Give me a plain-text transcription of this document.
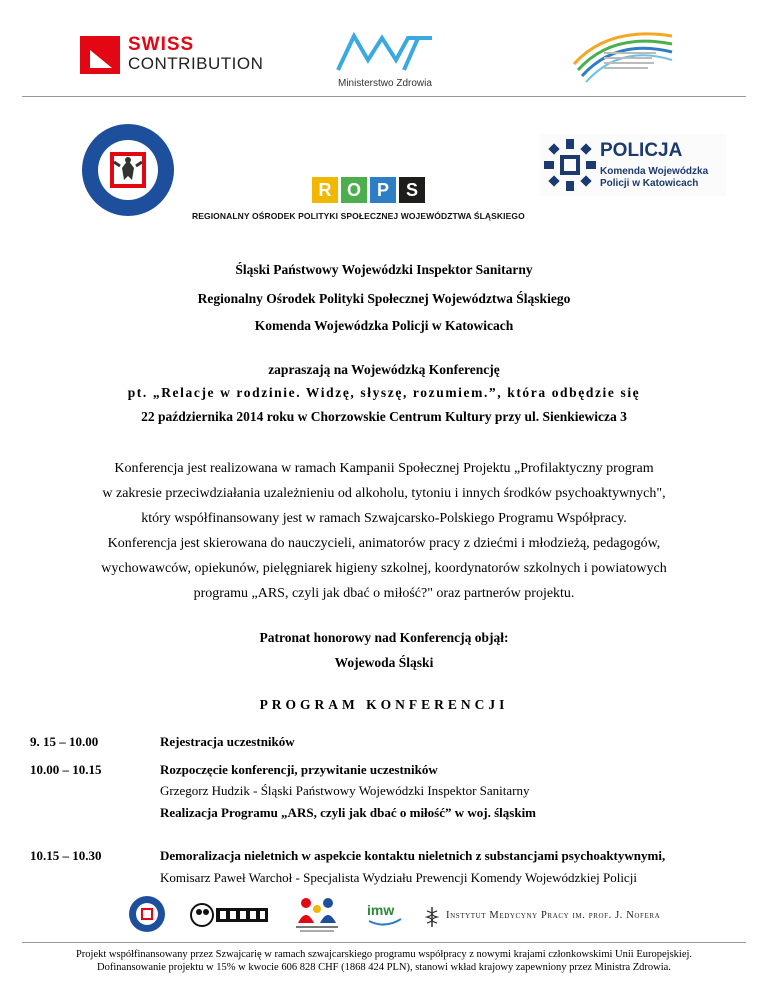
SWISS
CONTRIBUTION
Ministerstwo Zdrowia
R O P S
REGIONALNY OŚRODEK POLITYKI SPOŁECZNEJ WOJEWÓDZTWA ŚLĄSKIEGO
POLICJA
Komenda Wojewódzka
Policji w Katowicach
Śląski Państwowy Wojewódzki Inspektor Sanitarny
Regionalny Ośrodek Polityki Społecznej Województwa Śląskiego
Komenda Wojewódzka Policji w Katowicach
zapraszają na Wojewódzką Konferencję
pt. „Relacje w rodzinie. Widzę, słyszę, rozumiem.”, która odbędzie się
22 października 2014 roku w Chorzowskie Centrum Kultury przy ul. Sienkiewicza 3
Konferencja jest realizowana w ramach Kampanii Społecznej Projektu „Profilaktyczny program
w zakresie przeciwdziałania uzależnieniu od alkoholu, tytoniu i innych środków psychoaktywnych",
który współfinansowany jest w ramach Szwajcarsko-Polskiego Programu Współpracy.
Konferencja jest skierowana do nauczycieli, animatorów pracy z dziećmi i młodzieżą, pedagogów,
wychowawców, opiekunów, pielęgniarek higieny szkolnej, koordynatorów szkolnych i powiatowych
programu „ARS, czyli jak dbać o miłość?" oraz partnerów projektu.
Patronat honorowy nad Konferencją objął:
Wojewoda Śląski
PROGRAM KONFERENCJI
9. 15 – 10.00	Rejestracja uczestników
10.00 – 10.15	Rozpoczęcie konferencji, przywitanie uczestników
Grzegorz Hudzik - Śląski Państwowy Wojewódzki Inspektor Sanitarny
Realizacja Programu „ARS, czyli jak dbać o miłość” w woj. śląskim
10.15 – 10.30	Demoralizacja nieletnich w aspekcie kontaktu nieletnich z substancjami psychoaktywnymi,
Komisarz Paweł Warchoł - Specjalista Wydziału Prewencji Komendy Wojewódzkiej Policji
imw	Instytut Medycyny Pracy im. prof. J. Nofera
Projekt współfinansowany przez Szwajcarię w ramach szwajcarskiego programu współpracy z nowymi krajami członkowskimi Unii Europejskiej.
Dofinansowanie projektu w 15% w kwocie 606 828 CHF (1868 424 PLN), stanowi wkład krajowy zapewniony przez Ministra Zdrowia.
